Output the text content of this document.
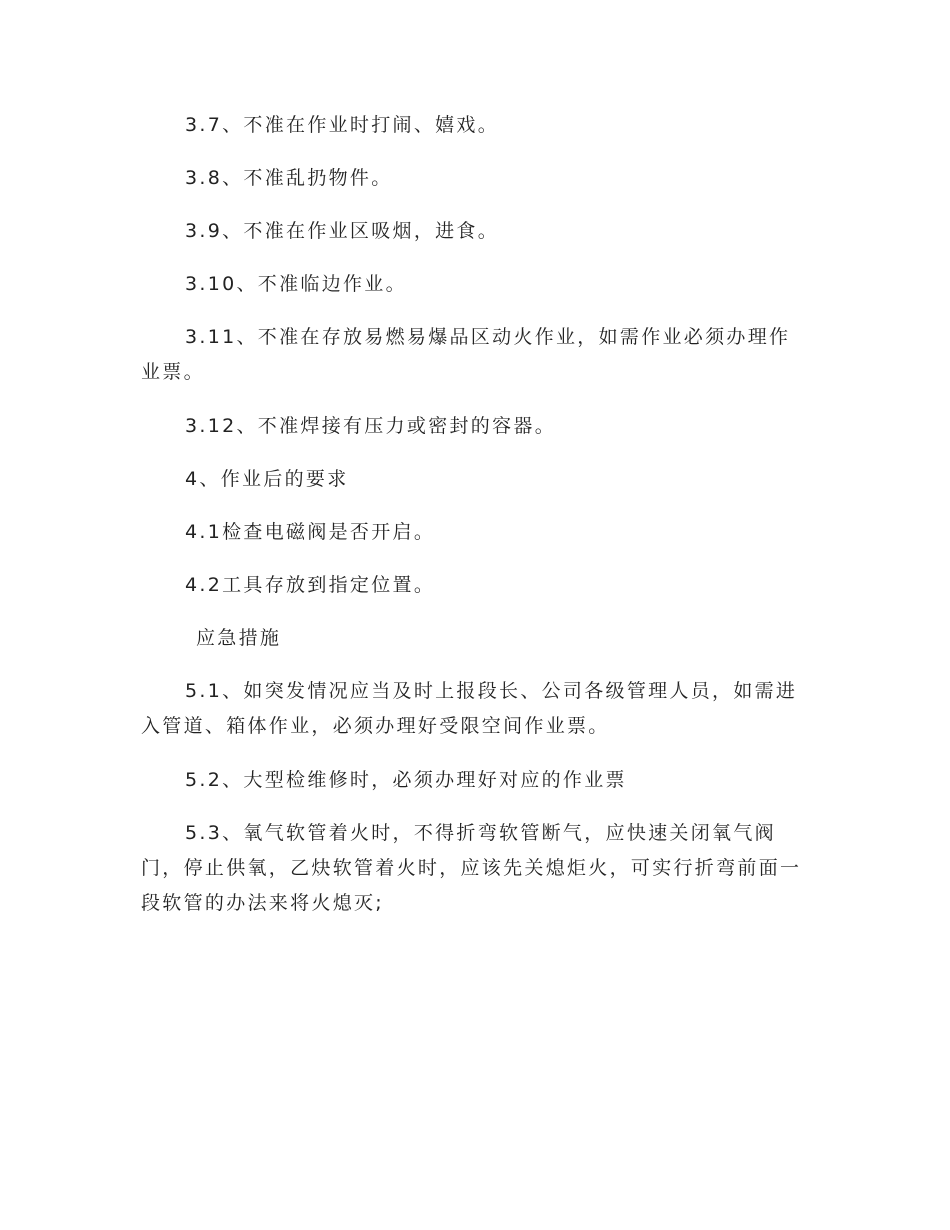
3.7、不准在作业时打闹、嬉戏。

3.8、不准乱扔物件。

3.9、不准在作业区吸烟，进食。

3.10、不准临边作业。

3.11、不准在存放易燃易爆品区动火作业，如需作业必须办理作业票。

3.12、不准焊接有压力或密封的容器。

4、作业后的要求

4.1检查电磁阀是否开启。

4.2工具存放到指定位置。

应急措施

5.1、如突发情况应当及时上报段长、公司各级管理人员，如需进入管道、箱体作业，必须办理好受限空间作业票。

5.2、大型检维修时，必须办理好对应的作业票

5.3、氧气软管着火时，不得折弯软管断气，应快速关闭氧气阀门，停止供氧，乙炔软管着火时，应该先关熄炬火，可实行折弯前面一段软管的办法来将火熄灭;
